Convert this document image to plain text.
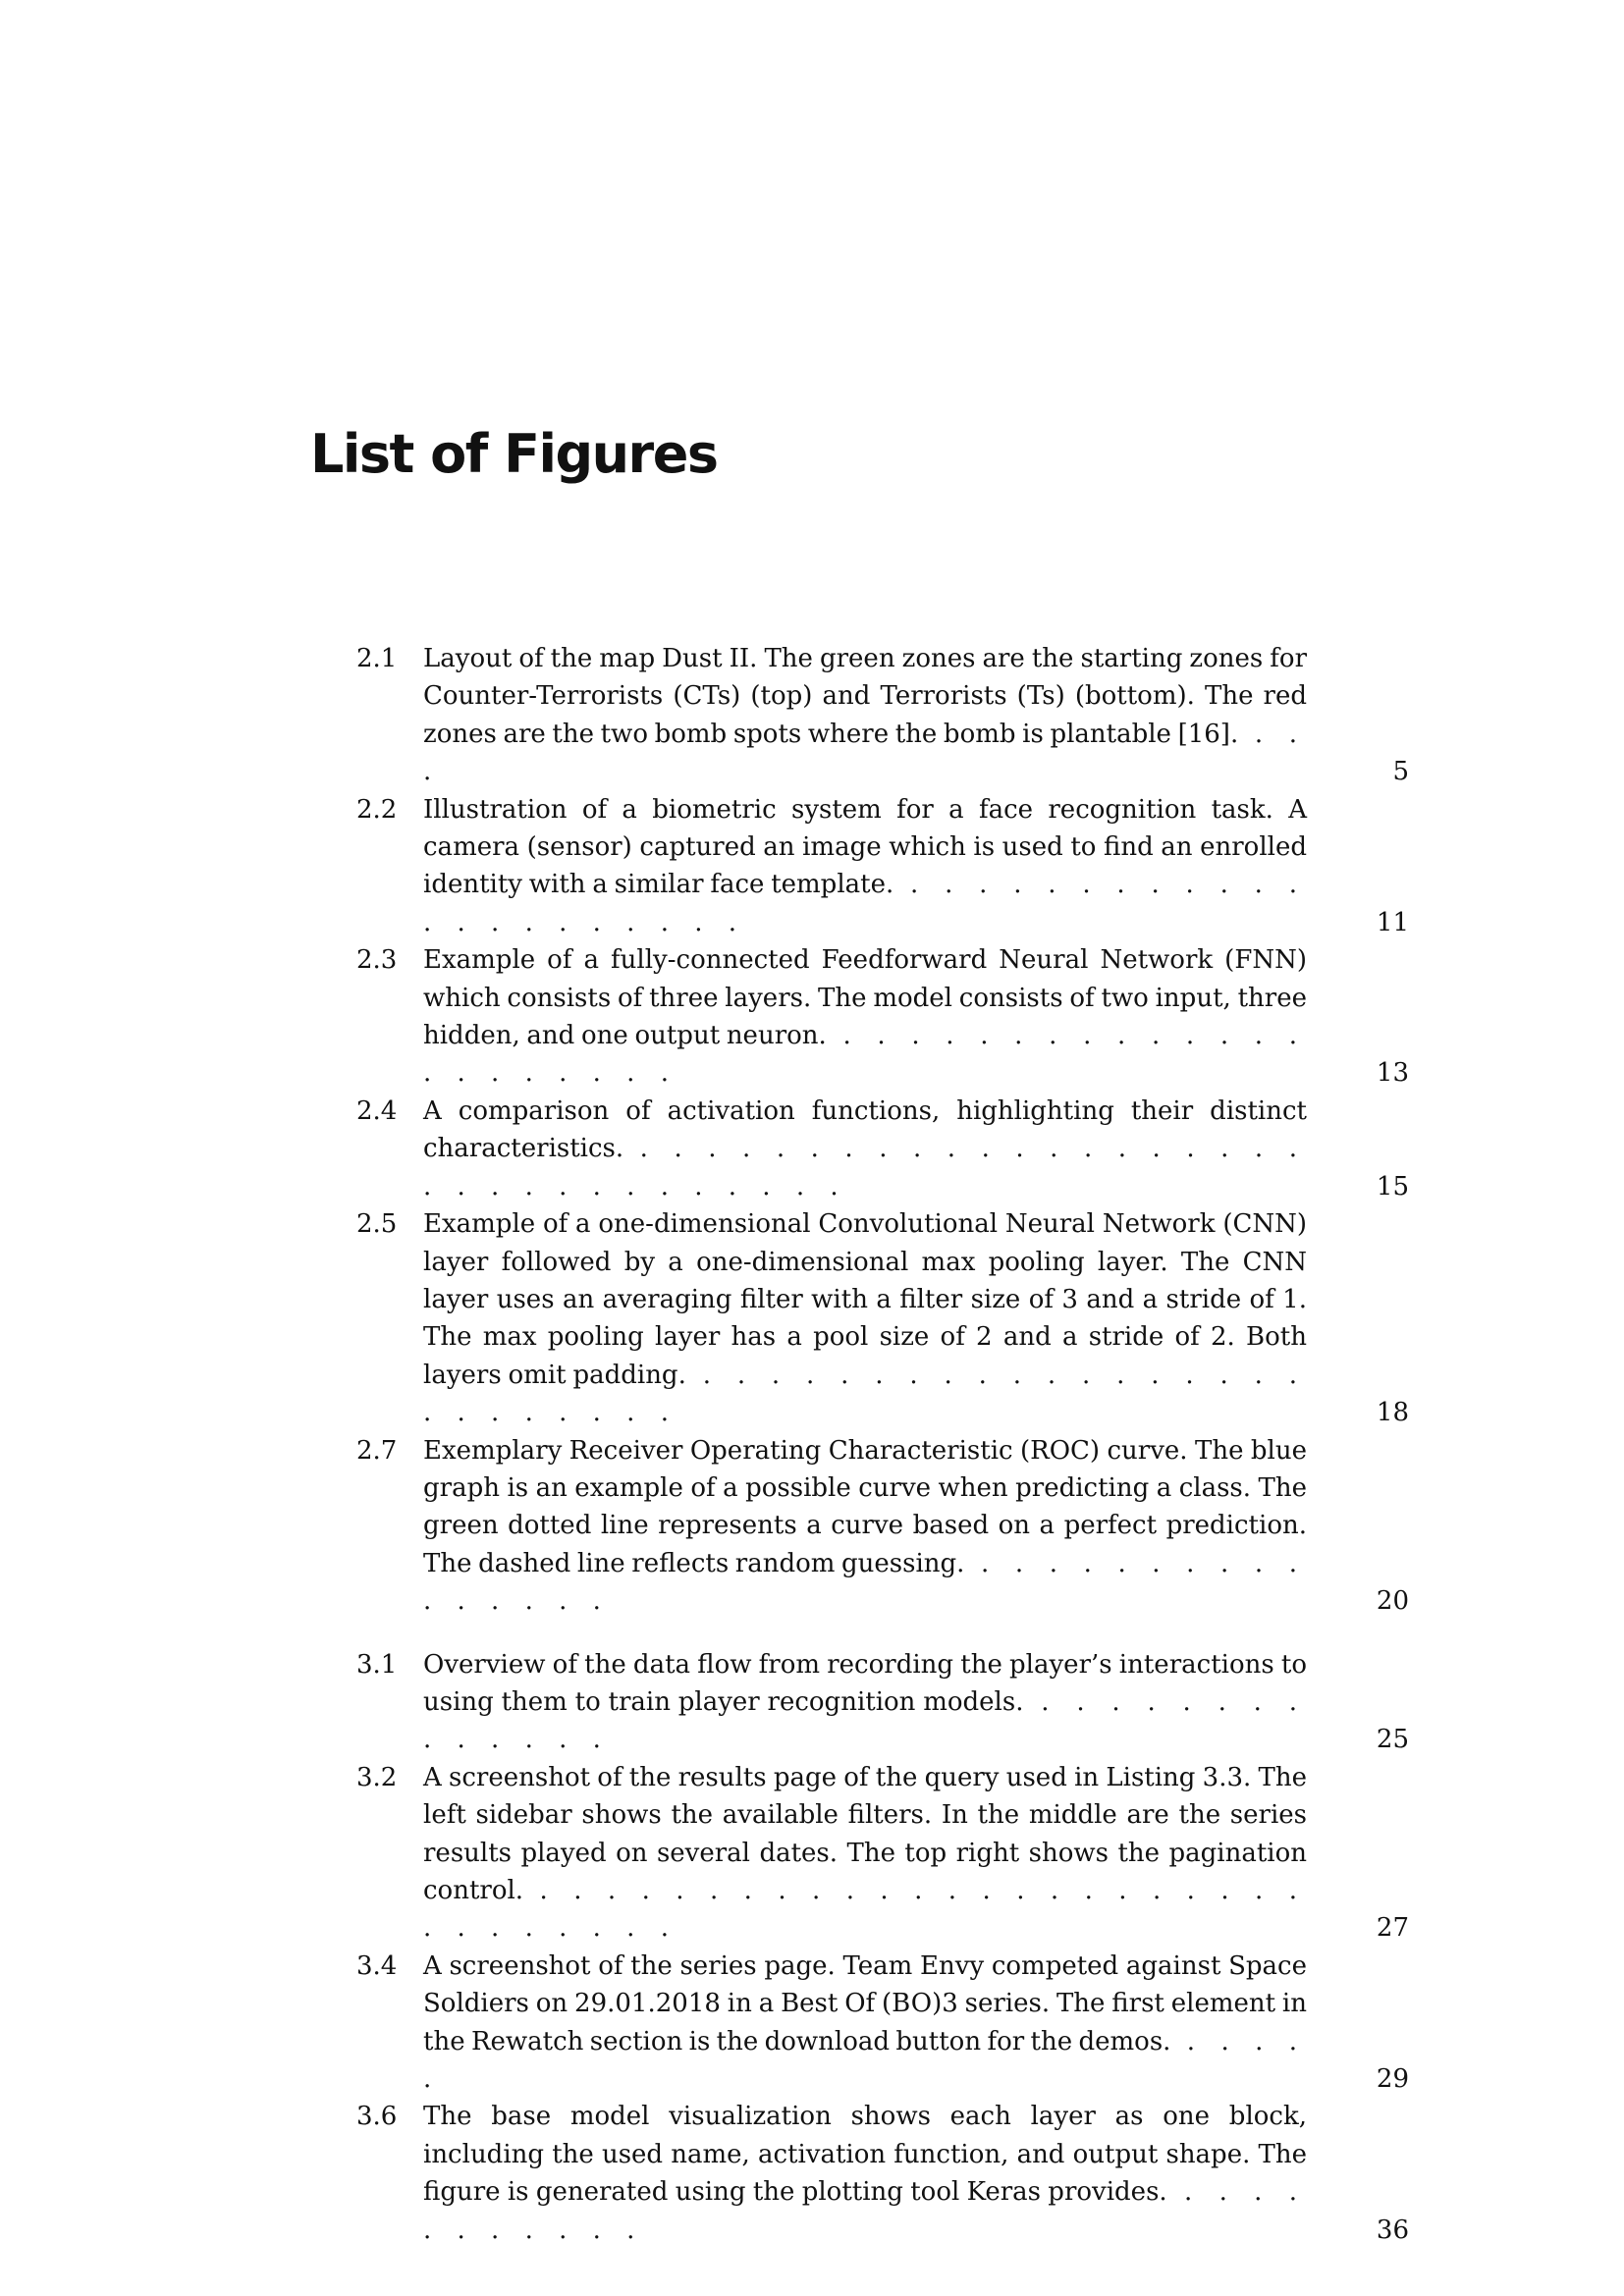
List of Figures
2.1	Layout of the map Dust II. The green zones are the starting zones for Counter-Terrorists (CTs) (top) and Terrorists (Ts) (bottom). The red zones are the two bomb spots where the bomb is plantable [16]. . . .	5
2.2	Illustration of a biometric system for a face recognition task. A camera (sensor) captured an image which is used to find an enrolled identity with a similar face template. . . . . . . . . . . . . . . . . . . . . . .	11
2.3	Example of a fully-connected Feedforward Neural Network (FNN) which consists of three layers. The model consists of two input, three hidden, and one output neuron. . . . . . . . . . . . . . . . . . . . . . .	13
2.4	A comparison of activation functions, highlighting their distinct characteristics. . . . . . . . . . . . . . . . . . . . . . . . . . . . . . . . . .	15
2.5	Example of a one-dimensional Convolutional Neural Network (CNN) layer followed by a one-dimensional max pooling layer. The CNN layer uses an averaging filter with a filter size of 3 and a stride of 1. The max pooling layer has a pool size of 2 and a stride of 2. Both layers omit padding. . . . . . . . . . . . . . . . . . . . . . . . . . .	18
2.7	Exemplary Receiver Operating Characteristic (ROC) curve. The blue graph is an example of a possible curve when predicting a class. The green dotted line represents a curve based on a perfect prediction. The dashed line reflects random guessing. . . . . . . . . . . . . . . . .	20
3.1	Overview of the data flow from recording the player’s interactions to using them to train player recognition models. . . . . . . . . . . . . . .	25
3.2	A screenshot of the results page of the query used in Listing 3.3. The left sidebar shows the available filters. In the middle are the series results played on several dates. The top right shows the pagination control. . . . . . . . . . . . . . . . . . . . . . . . . . . . . . . .	27
3.4	A screenshot of the series page. Team Envy competed against Space Soldiers on 29.01.2018 in a Best Of (BO)3 series. The first element in the Rewatch section is the download button for the demos. . . . . .	29
3.6	The base model visualization shows each layer as one block, including the used name, activation function, and output shape. The figure is generated using the plotting tool Keras provides. . . . . . . . . . . .	36
